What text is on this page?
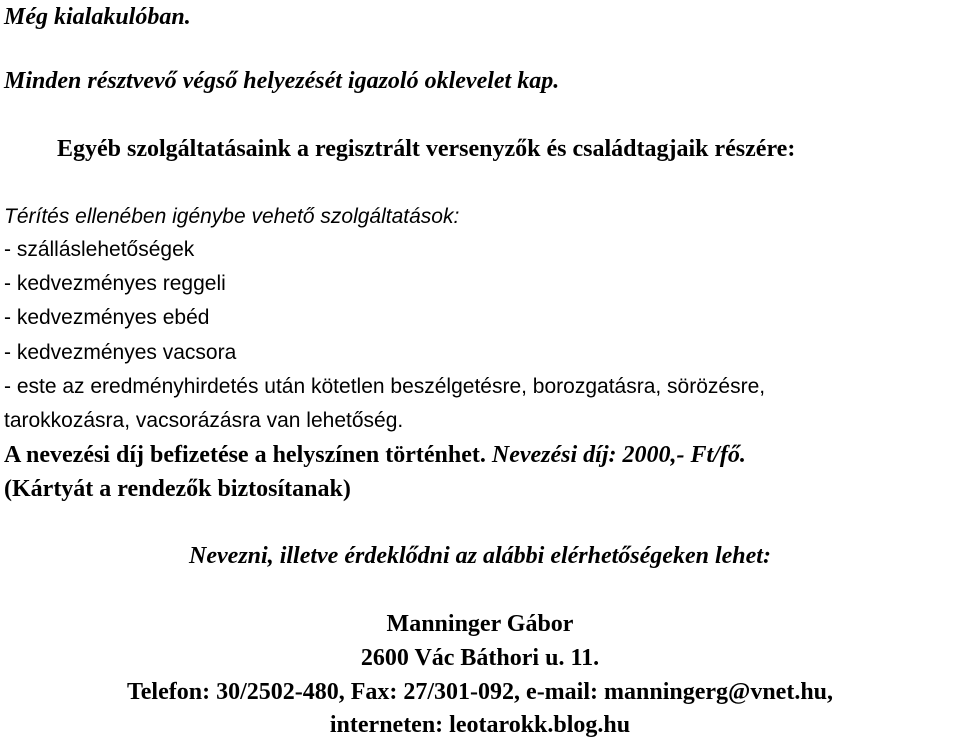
Még kialakulóban.
Minden résztvevő végső helyezését igazoló oklevelet kap.
Egyéb szolgáltatásaink a regisztrált versenyzők és családtagjaik részére:
Térítés ellenében igénybe vehető szolgáltatások:
- szálláslehetőségek
- kedvezményes reggeli
- kedvezményes ebéd
- kedvezményes vacsora
- este az eredményhirdetés után kötetlen beszélgetésre, borozgatásra, sörözésre,
tarokkozásra, vacsorázásra van lehetőség.
A nevezési díj befizetése a helyszínen történhet. Nevezési díj: 2000,- Ft/fő.
(Kártyát a rendezők biztosítanak)
Nevezni, illetve érdeklődni az alábbi elérhetőségeken lehet:
Manninger Gábor
2600 Vác Báthori u. 11.
Telefon: 30/2502-480, Fax: 27/301-092, e-mail: manningerg@vnet.hu,
interneten: leotarokk.blog.hu
